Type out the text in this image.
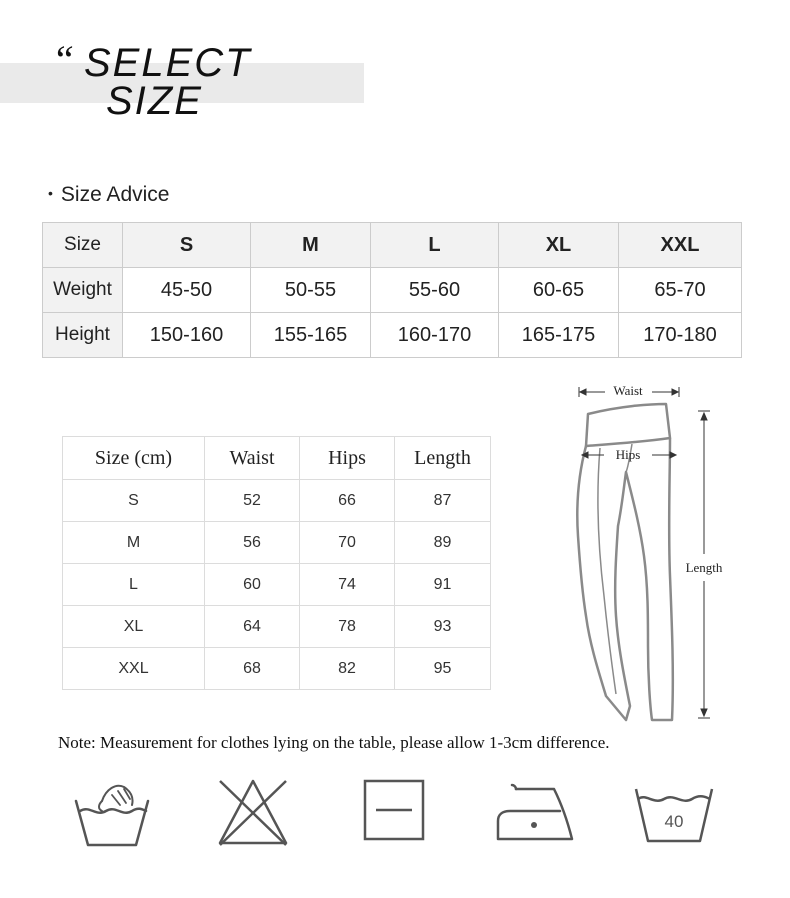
“ SELECT
SIZE
• Size Advice
Size	S	M	L	XL	XXL
Weight	45-50	50-55	55-60	60-65	65-70
Height	150-160	155-165	160-170	165-175	170-180
Size (cm)	Waist	Hips	Length
S	52	66	87
M	56	70	89
L	60	74	91
XL	64	78	93
XXL	68	82	95
Waist
Hips
Length
Note: Measurement for clothes lying on the table, please allow 1-3cm difference.
40
